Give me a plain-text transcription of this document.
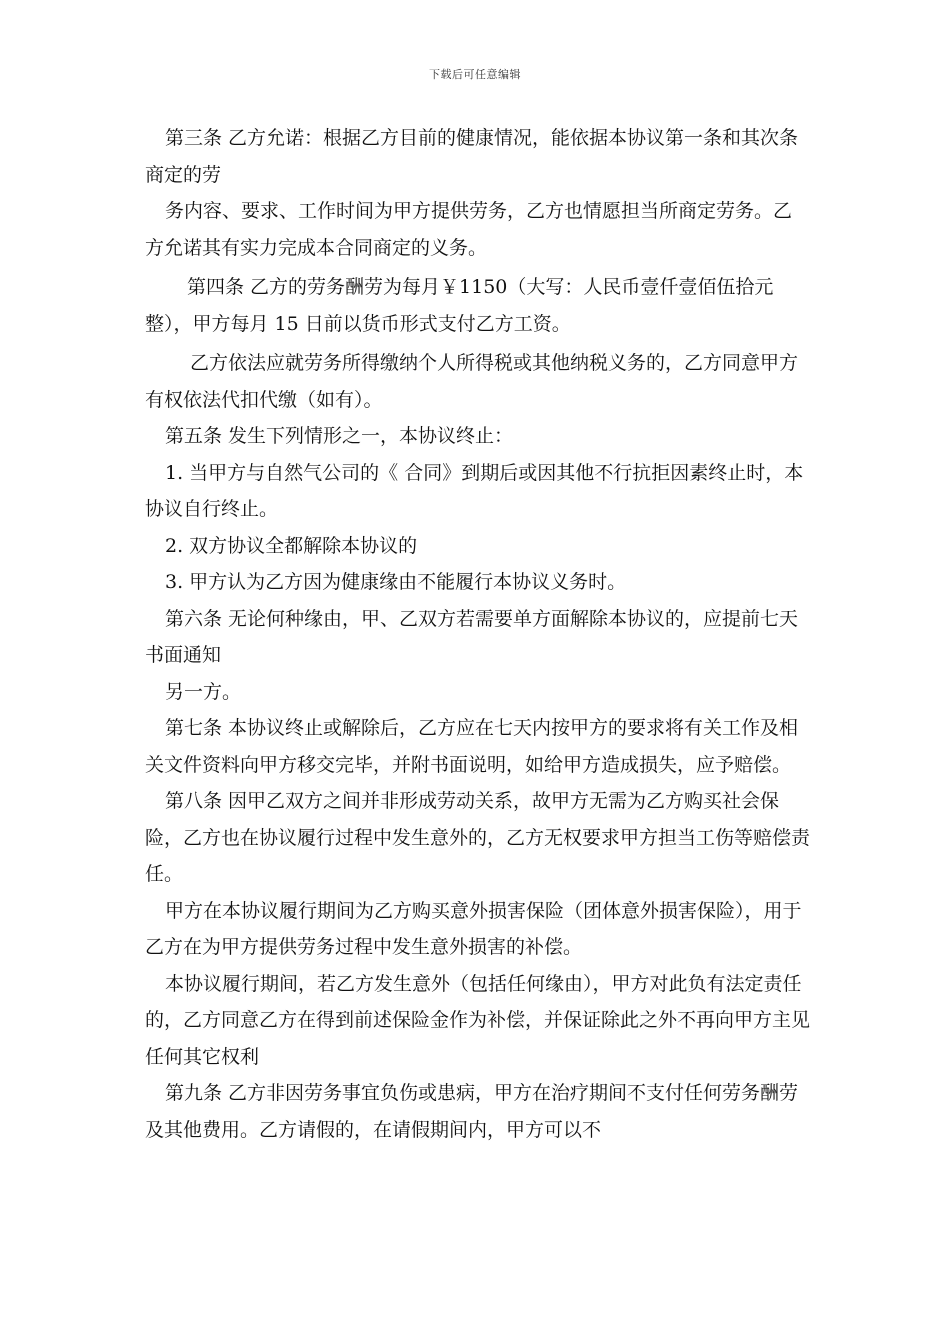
下载后可任意编辑

第三条 乙方允诺：根据乙方目前的健康情况，能依据本协议第一条和其次条商定的劳

务内容、要求、工作时间为甲方提供劳务，乙方也情愿担当所商定劳务。乙方允诺其有实力完成本合同商定的义务。

第四条 乙方的劳务酬劳为每月￥1150（大写：人民币壹仟壹佰伍拾元整），甲方每月 15 日前以货币形式支付乙方工资。

乙方依法应就劳务所得缴纳个人所得税或其他纳税义务的，乙方同意甲方有权依法代扣代缴（如有）。

第五条 发生下列情形之一，本协议终止：

1. 当甲方与自然气公司的《 合同》到期后或因其他不行抗拒因素终止时，本协议自行终止。

2. 双方协议全都解除本协议的

3. 甲方认为乙方因为健康缘由不能履行本协议义务时。

第六条 无论何种缘由，甲、乙双方若需要单方面解除本协议的，应提前七天书面通知

另一方。

第七条 本协议终止或解除后，乙方应在七天内按甲方的要求将有关工作及相关文件资料向甲方移交完毕，并附书面说明，如给甲方造成损失，应予赔偿。

第八条 因甲乙双方之间并非形成劳动关系，故甲方无需为乙方购买社会保险，乙方也在协议履行过程中发生意外的，乙方无权要求甲方担当工伤等赔偿责任。

甲方在本协议履行期间为乙方购买意外损害保险（团体意外损害保险），用于乙方在为甲方提供劳务过程中发生意外损害的补偿。

本协议履行期间，若乙方发生意外（包括任何缘由），甲方对此负有法定责任的，乙方同意乙方在得到前述保险金作为补偿，并保证除此之外不再向甲方主见任何其它权利

第九条 乙方非因劳务事宜负伤或患病，甲方在治疗期间不支付任何劳务酬劳及其他费用。乙方请假的，在请假期间内，甲方可以不
